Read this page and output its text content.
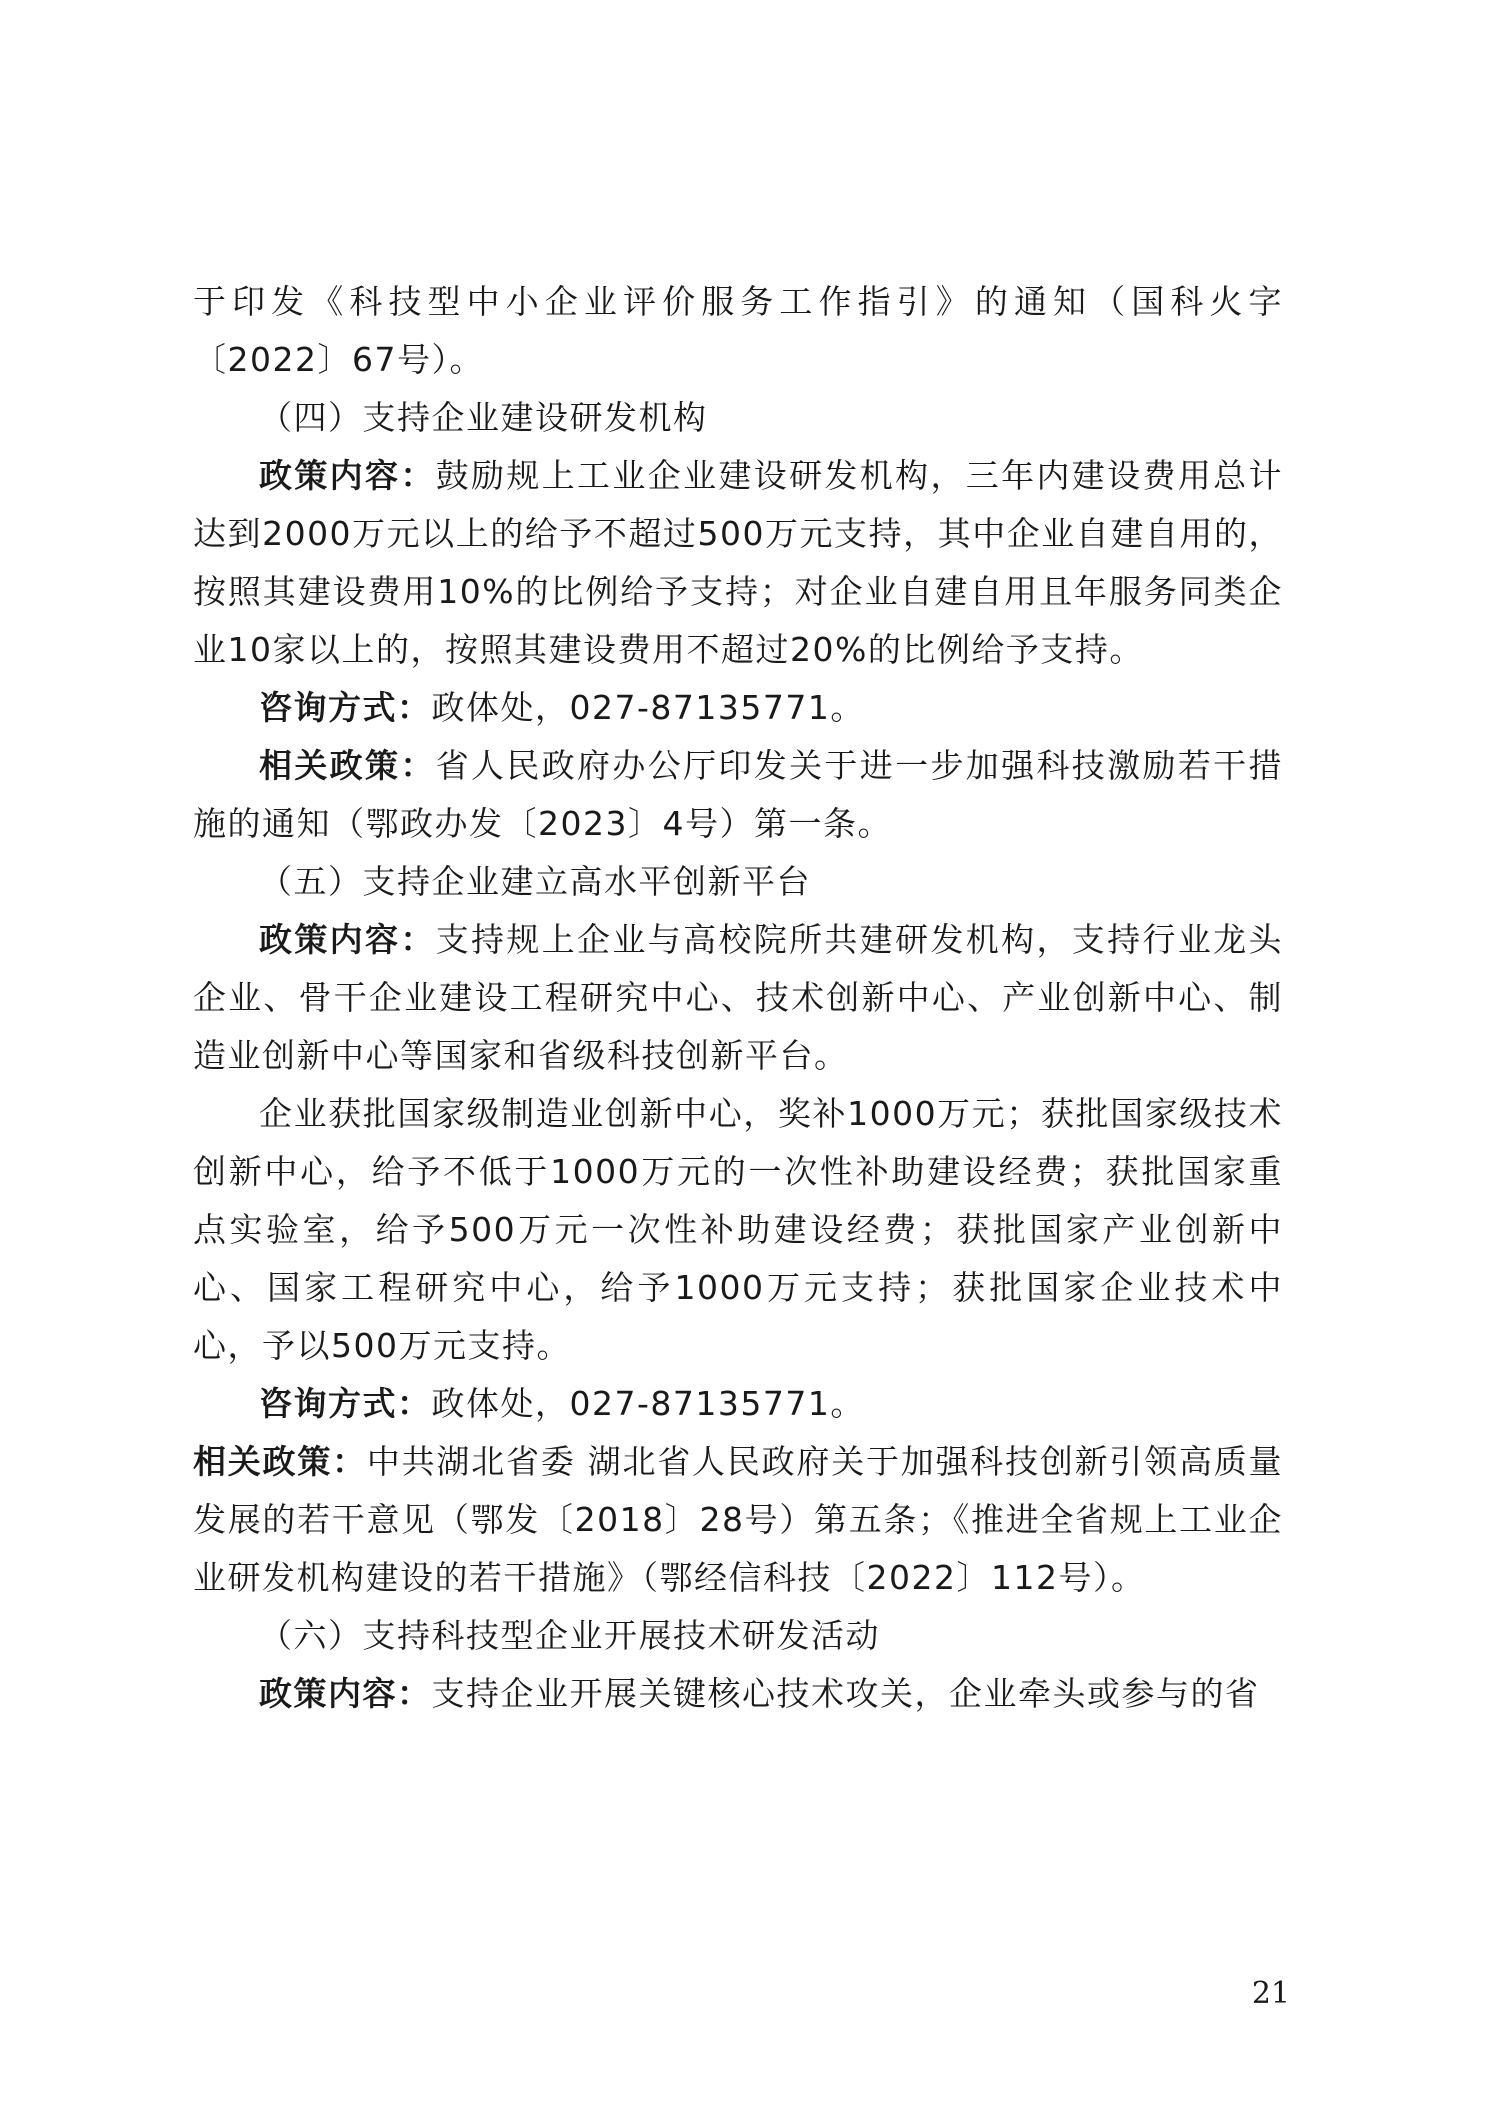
于印发《科技型中小企业评价服务工作指引》的通知（国科火字〔2022〕67号）。

（四）支持企业建设研发机构

政策内容：鼓励规上工业企业建设研发机构，三年内建设费用总计达到2000万元以上的给予不超过500万元支持，其中企业自建自用的，按照其建设费用10%的比例给予支持；对企业自建自用且年服务同类企业10家以上的，按照其建设费用不超过20%的比例给予支持。

咨询方式：政体处，027-87135771。

相关政策：省人民政府办公厅印发关于进一步加强科技激励若干措施的通知（鄂政办发〔2023〕4号）第一条。

（五）支持企业建立高水平创新平台

政策内容：支持规上企业与高校院所共建研发机构，支持行业龙头企业、骨干企业建设工程研究中心、技术创新中心、产业创新中心、制造业创新中心等国家和省级科技创新平台。

企业获批国家级制造业创新中心，奖补1000万元；获批国家级技术创新中心，给予不低于1000万元的一次性补助建设经费；获批国家重点实验室，给予500万元一次性补助建设经费；获批国家产业创新中心、国家工程研究中心，给予1000万元支持；获批国家企业技术中心，予以500万元支持。

咨询方式：政体处，027-87135771。

相关政策：中共湖北省委 湖北省人民政府关于加强科技创新引领高质量发展的若干意见（鄂发〔2018〕28号）第五条；《推进全省规上工业企业研发机构建设的若干措施》（鄂经信科技〔2022〕112号）。

（六）支持科技型企业开展技术研发活动

政策内容：支持企业开展关键核心技术攻关，企业牵头或参与的省

21
